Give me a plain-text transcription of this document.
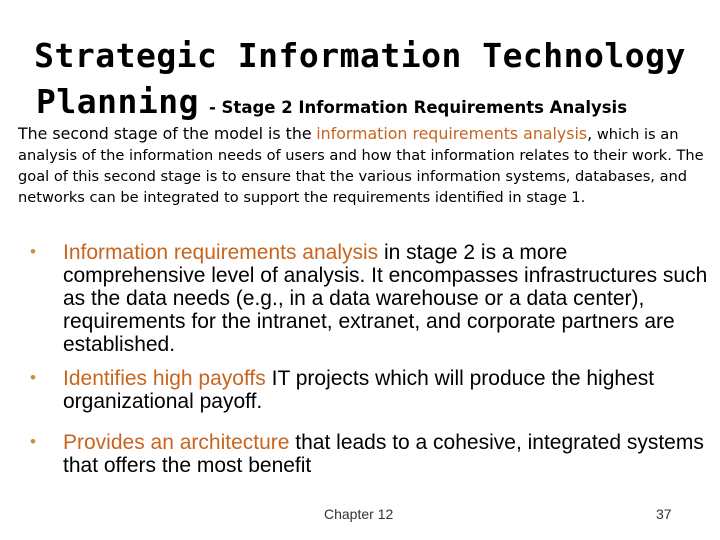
Strategic Information Technology
Planning - Stage 2 Information Requirements Analysis
The second stage of the model is the information requirements analysis, which is an analysis of the information needs of users and how that information relates to their work. The goal of this second stage is to ensure that the various information systems, databases, and networks can be integrated to support the requirements identified in stage 1.
• Information requirements analysis in stage 2 is a more comprehensive level of analysis. It encompasses infrastructures such as the data needs (e.g., in a data warehouse or a data center), requirements for the intranet, extranet, and corporate partners are established.
• Identifies high payoffs IT projects which will produce the highest organizational payoff.
• Provides an architecture that leads to a cohesive, integrated systems that offers the most benefit
Chapter 12	37
